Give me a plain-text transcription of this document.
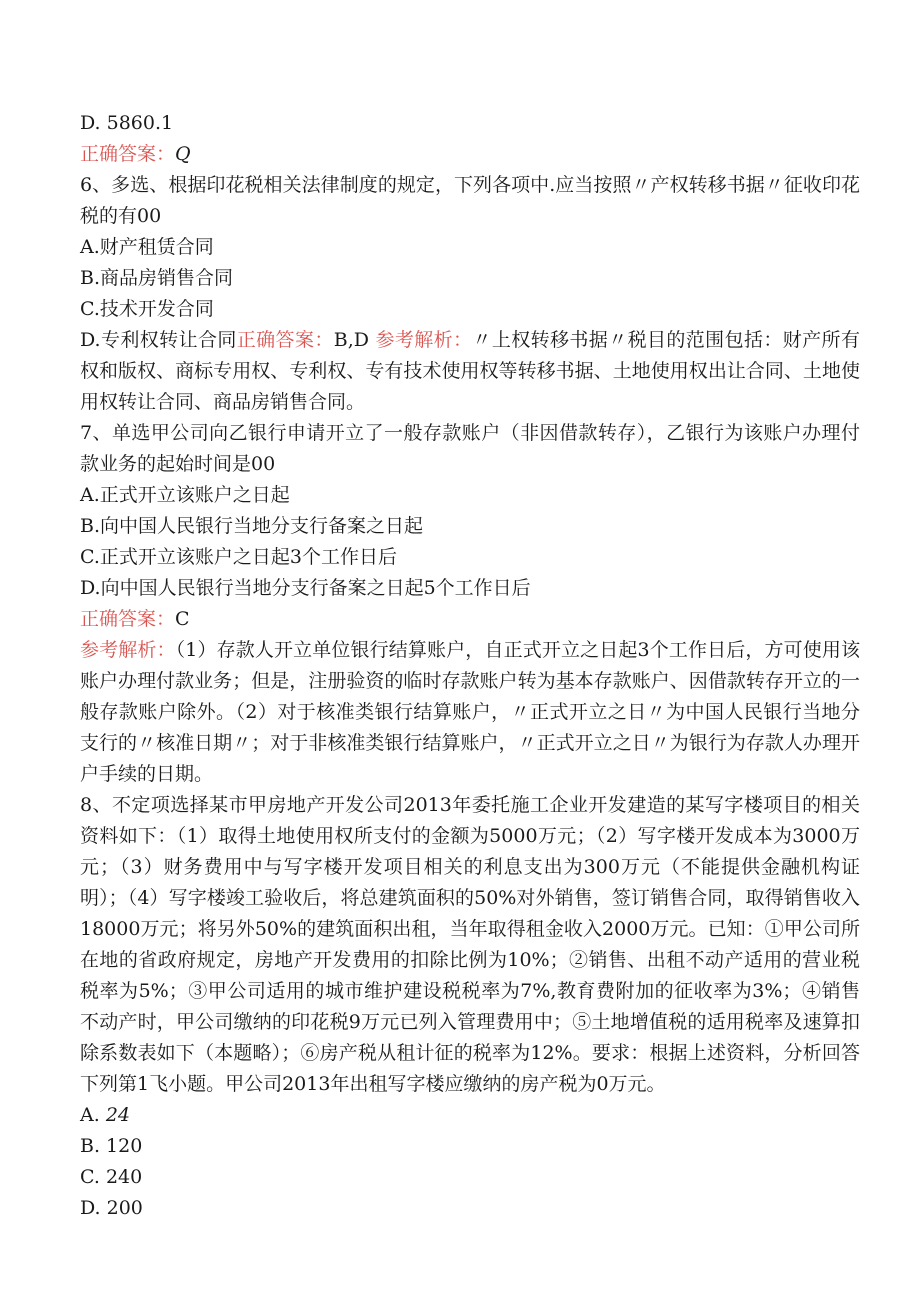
D. 5860.1
正确答案：Q
6、多选、根据印花税相关法律制度的规定，下列各项中.应当按照〃产权转移书据〃征收印花税的有00
A.财产租赁合同
B.商品房销售合同
C.技术开发合同
D.专利权转让合同正确答案：B,D 参考解析：〃上权转移书据〃税目的范围包括：财产所有权和版权、商标专用权、专利权、专有技术使用权等转移书据、土地使用权出让合同、土地使用权转让合同、商品房销售合同。
7、单选甲公司向乙银行申请开立了一般存款账户（非因借款转存），乙银行为该账户办理付款业务的起始时间是00
A.正式开立该账户之日起
B.向中国人民银行当地分支行备案之日起
C.正式开立该账户之日起3个工作日后
D.向中国人民银行当地分支行备案之日起5个工作日后
正确答案：C
参考解析：（1）存款人开立单位银行结算账户，自正式开立之日起3个工作日后，方可使用该账户办理付款业务；但是，注册验资的临时存款账户转为基本存款账户、因借款转存开立的一般存款账户除外。（2）对于核准类银行结算账户，〃正式开立之日〃为中国人民银行当地分支行的〃核准日期〃；对于非核准类银行结算账户，〃正式开立之日〃为银行为存款人办理开户手续的日期。
8、不定项选择某市甲房地产开发公司2013年委托施工企业开发建造的某写字楼项目的相关资料如下：（1）取得土地使用权所支付的金额为5000万元；（2）写字楼开发成本为3000万元；（3）财务费用中与写字楼开发项目相关的利息支出为300万元（不能提供金融机构证明）；（4）写字楼竣工验收后，将总建筑面积的50%对外销售，签订销售合同，取得销售收入18000万元；将另外50%的建筑面积出租，当年取得租金收入2000万元。已知：①甲公司所在地的省政府规定，房地产开发费用的扣除比例为10%；②销售、出租不动产适用的营业税税率为5%；③甲公司适用的城市维护建设税税率为7%,教育费附加的征收率为3%；④销售不动产时，甲公司缴纳的印花税9万元已列入管理费用中；⑤土地增值税的适用税率及速算扣除系数表如下（本题略）；⑥房产税从租计征的税率为12%。要求：根据上述资料，分析回答下列第1飞小题。甲公司2013年出租写字楼应缴纳的房产税为0万元。
A. 24
B. 120
C. 240
D. 200
